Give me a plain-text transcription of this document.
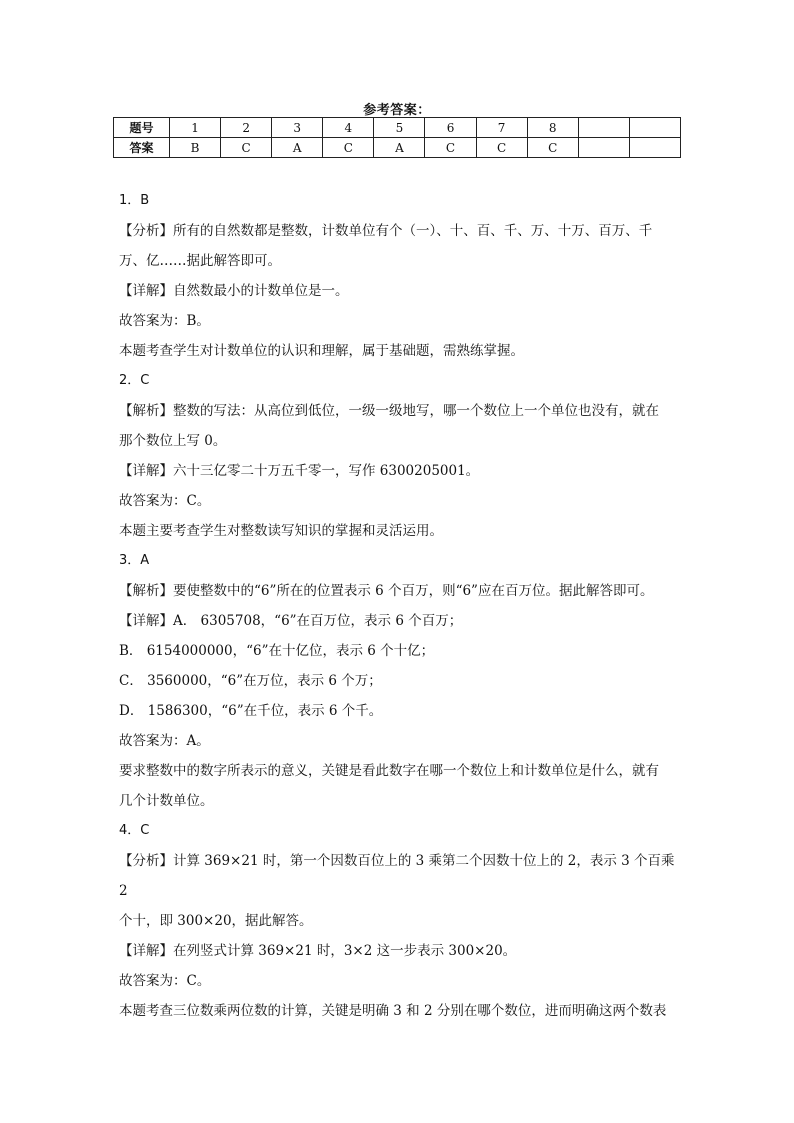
参考答案：
题号	1	2	3	4	5	6	7	8		
答案	B	C	A	C	A	C	C	C		

1．B

【分析】所有的自然数都是整数，计数单位有个（一）、十、百、千、万、十万、百万、千

万、亿……据此解答即可。

【详解】自然数最小的计数单位是一。

故答案为：B。

本题考查学生对计数单位的认识和理解，属于基础题，需熟练掌握。

2．C

【解析】整数的写法：从高位到低位，一级一级地写，哪一个数位上一个单位也没有，就在

那个数位上写 0。

【详解】六十三亿零二十万五千零一，写作 6300205001。

故答案为：C。

本题主要考查学生对整数读写知识的掌握和灵活运用。

3．A

【解析】要使整数中的“6”所在的位置表示 6 个百万，则“6”应在百万位。据此解答即可。

【详解】A． 6305708，“6”在百万位，表示 6 个百万；

B． 6154000000，“6”在十亿位，表示 6 个十亿；

C． 3560000，“6”在万位，表示 6 个万；

D． 1586300，“6”在千位，表示 6 个千。

故答案为：A。

要求整数中的数字所表示的意义，关键是看此数字在哪一个数位上和计数单位是什么，就有

几个计数单位。

4．C

【分析】计算 369×21 时，第一个因数百位上的 3 乘第二个因数十位上的 2，表示 3 个百乘 2

个十，即 300×20，据此解答。

【详解】在列竖式计算 369×21 时，3×2 这一步表示 300×20。

故答案为：C。

本题考查三位数乘两位数的计算，关键是明确 3 和 2 分别在哪个数位，进而明确这两个数表
